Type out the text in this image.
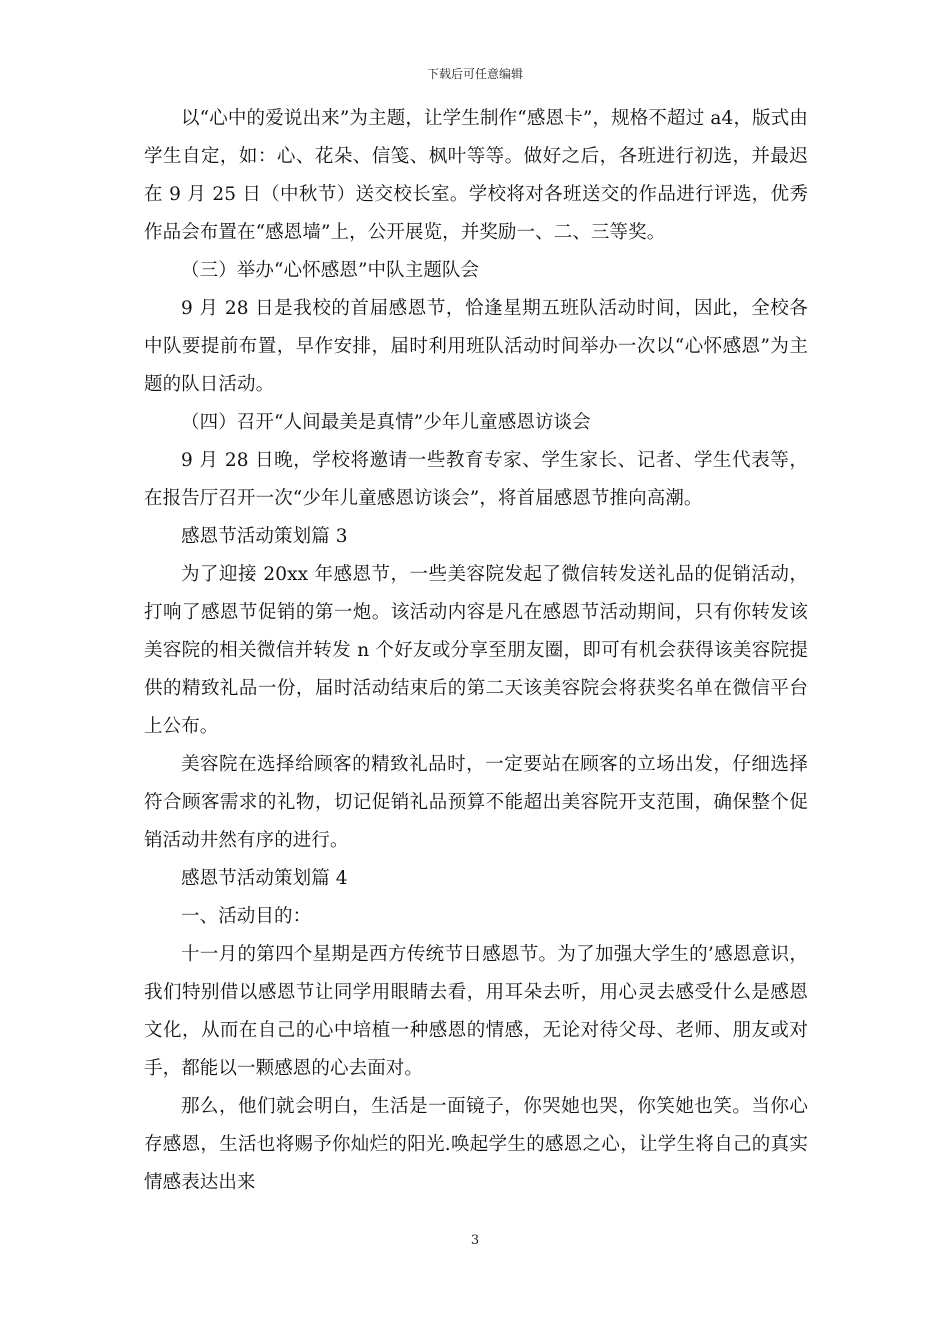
下载后可任意编辑

以“心中的爱说出来”为主题，让学生制作“感恩卡”，规格不超过 a4，版式由学生自定，如：心、花朵、信笺、枫叶等等。做好之后，各班进行初选，并最迟在 9 月 25 日（中秋节）送交校长室。学校将对各班送交的作品进行评选，优秀作品会布置在“感恩墙”上，公开展览，并奖励一、二、三等奖。

（三）举办“心怀感恩”中队主题队会

9 月 28 日是我校的首届感恩节，恰逢星期五班队活动时间，因此，全校各中队要提前布置，早作安排，届时利用班队活动时间举办一次以“心怀感恩”为主题的队日活动。

（四）召开“人间最美是真情”少年儿童感恩访谈会

9 月 28 日晚，学校将邀请一些教育专家、学生家长、记者、学生代表等，在报告厅召开一次“少年儿童感恩访谈会”，将首届感恩节推向高潮。

感恩节活动策划篇 3

为了迎接 20xx 年感恩节，一些美容院发起了微信转发送礼品的促销活动，打响了感恩节促销的第一炮。该活动内容是凡在感恩节活动期间，只有你转发该美容院的相关微信并转发 n 个好友或分享至朋友圈，即可有机会获得该美容院提供的精致礼品一份，届时活动结束后的第二天该美容院会将获奖名单在微信平台上公布。

美容院在选择给顾客的精致礼品时，一定要站在顾客的立场出发，仔细选择符合顾客需求的礼物，切记促销礼品预算不能超出美容院开支范围，确保整个促销活动井然有序的进行。

感恩节活动策划篇 4

一、活动目的：

十一月的第四个星期是西方传统节日感恩节。为了加强大学生的’感恩意识，我们特别借以感恩节让同学用眼睛去看，用耳朵去听，用心灵去感受什么是感恩文化，从而在自己的心中培植一种感恩的情感，无论对待父母、老师、朋友或对手，都能以一颗感恩的心去面对。

那么，他们就会明白，生活是一面镜子，你哭她也哭，你笑她也笑。当你心存感恩，生活也将赐予你灿烂的阳光.唤起学生的感恩之心，让学生将自己的真实情感表达出来

3
